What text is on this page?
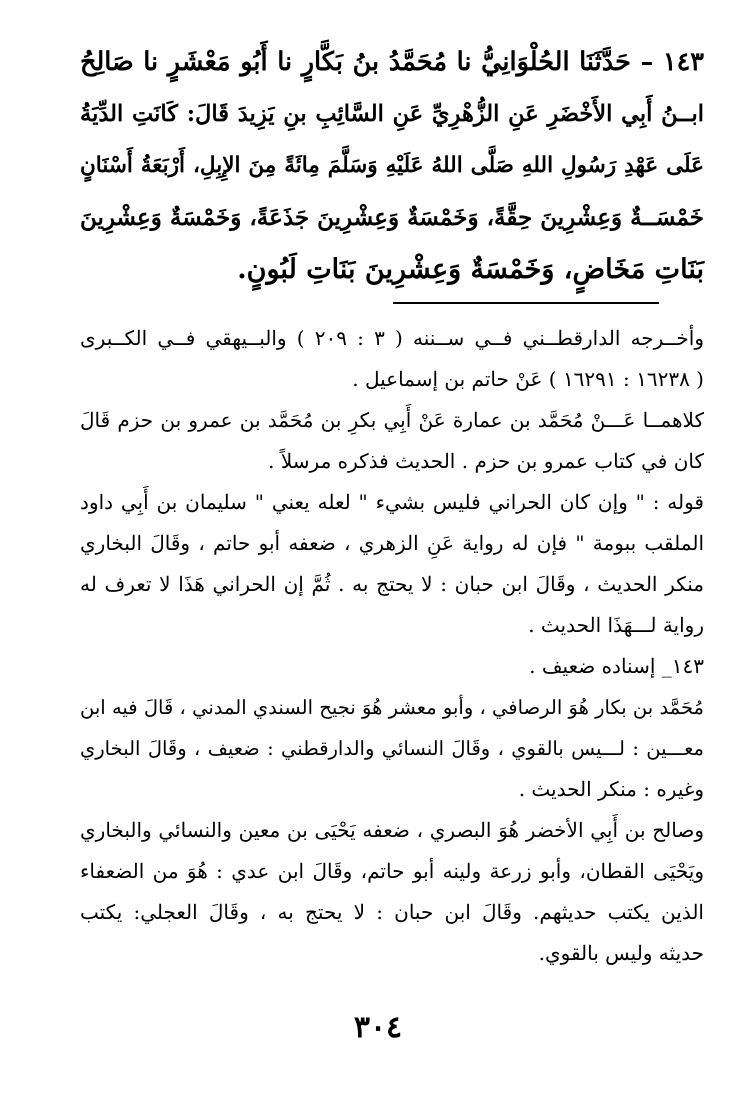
١٤٣ – حَدَّثَنَا الحُلْوَانِيُّ نا مُحَمَّدُ بنُ بَكَّارٍ نا أَبُو مَعْشَرٍ نا صَالِحُ
ابــنُ أَبِي الأَخْضَرِ عَنِ الزُّهْرِيِّ عَنِ السَّائِبِ بنِ يَزِيدَ قَالَ: كَانَتِ الدِّيَةُ
عَلَى عَهْدِ رَسُولِ اللهِ صَلَّى اللهُ عَلَيْهِ وَسَلَّمَ مِائَةً مِنَ الإِبِلِ، أَرْبَعَةُ أَسْنَانٍ
خَمْسَــةٌ وَعِشْرِينَ حِقَّةً، وَخَمْسَةٌ وَعِشْرِينَ جَذَعَةً، وَخَمْسَةٌ وَعِشْرِينَ
بَنَاتِ مَخَاضٍ، وَخَمْسَةٌ وَعِشْرِينَ بَنَاتِ لَبُونٍ.
وأخــرجه الدارقطــني فــي ســننه ( ٣ : ٢٠٩ ) والبــيهقي فــي الكــبرى
( ١٦٢٣٨ : ١٦٢٩١ ) عَنْ حاتم بن إسماعيل .
كلاهمــا عَـــنْ مُحَمَّد بن عمارة عَنْ أَبِي بكرِ بن مُحَمَّد بن عمرو بن حزم قَالَ
كان في كتاب عمرو بن حزم . الحديث فذكره مرسلاً .
قوله : " وإن كان الحراني فليس بشيء " لعله يعني " سليمان بن أَبِي داود
الملقب ببومة " فإن له رواية عَنِ الزهري ، ضعفه أبو حاتم ، وقَالَ البخاري
منكر الحديث ، وقَالَ ابن حبان : لا يحتج به . ثُمَّ إن الحراني هَذَا لا تعرف له
رواية لـــهَذَا الحديث .
١٤٣_ إسناده ضعيف .
مُحَمَّد بن بكار هُوَ الرصافي ، وأبو معشر هُوَ نجيح السندي المدني ، قَالَ فيه ابن
معـــين : لـــيس بالقوي ، وقَالَ النسائي والدارقطني : ضعيف ، وقَالَ البخاري
وغيره : منكر الحديث .
وصالح بن أَبِي الأخضر هُوَ البصري ، ضعفه يَحْيَى بن معين والنسائي والبخاري
ويَحْيَى القطان، وأبو زرعة ولينه أبو حاتم، وقَالَ ابن عدي : هُوَ من الضعفاء
الذين يكتب حديثهم. وقَالَ ابن حبان : لا يحتج به ، وقَالَ العجلي: يكتب
حديثه وليس بالقوي.
٣٠٤
